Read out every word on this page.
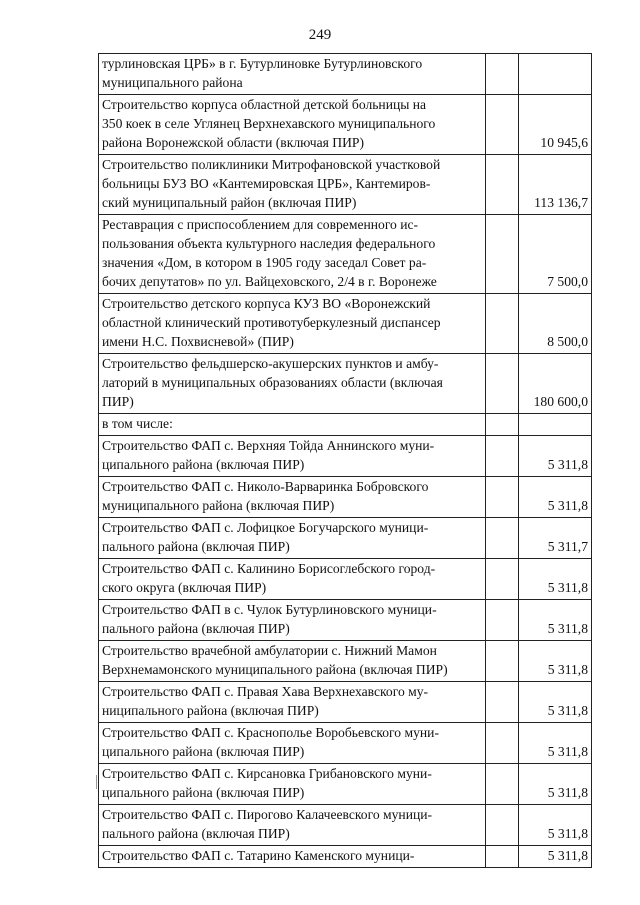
249
турлиновская ЦРБ» в г. Бутурлиновке Бутурлиновского
муниципального района		

Строительство корпуса областной детской больницы на
350 коек в селе Углянец Верхнехавского муниципального
района Воронежской области (включая ПИР)		10 945,6

Строительство поликлиники Митрофановской участковой
больницы БУЗ ВО «Кантемировская ЦРБ», Кантемиров-
ский муниципальный район (включая ПИР)		113 136,7

Реставрация с приспособлением для современного ис-
пользования объекта культурного наследия федерального
значения «Дом, в котором в 1905 году заседал Совет ра-
бочих депутатов» по ул. Вайцеховского, 2/4 в г. Воронеже		7 500,0

Строительство детского корпуса КУЗ ВО «Воронежский
областной клинический противотуберкулезный диспансер
имени Н.С. Похвисневой» (ПИР)		8 500,0

Строительство фельдшерско-акушерских пунктов и амбу-
латорий в муниципальных образованиях области (включая
ПИР)		180 600,0

в том числе:		

Строительство ФАП с. Верхняя Тойда Аннинского муни-
ципального района (включая ПИР)		5 311,8

Строительство ФАП с. Николо-Варваринка Бобровского
муниципального района (включая ПИР)		5 311,8

Строительство ФАП с. Лофицкое Богучарского муници-
пального района (включая ПИР)		5 311,7

Строительство ФАП с. Калинино Борисоглебского город-
ского округа (включая ПИР)		5 311,8

Строительство ФАП в с. Чулок Бутурлиновского муници-
пального района (включая ПИР)		5 311,8

Строительство врачебной амбулатории с. Нижний Мамон
Верхнемамонского муниципального района (включая ПИР)		5 311,8

Строительство ФАП с. Правая Хава Верхнехавского му-
ниципального района (включая ПИР)		5 311,8

Строительство ФАП с. Краснополье Воробьевского муни-
ципального района (включая ПИР)		5 311,8

Строительство ФАП с. Кирсановка Грибановского муни-
ципального района (включая ПИР)		5 311,8

Строительство ФАП с. Пирогово Калачеевского муници-
пального района (включая ПИР)		5 311,8

Строительство ФАП с. Татарино Каменского муници-		5 311,8
